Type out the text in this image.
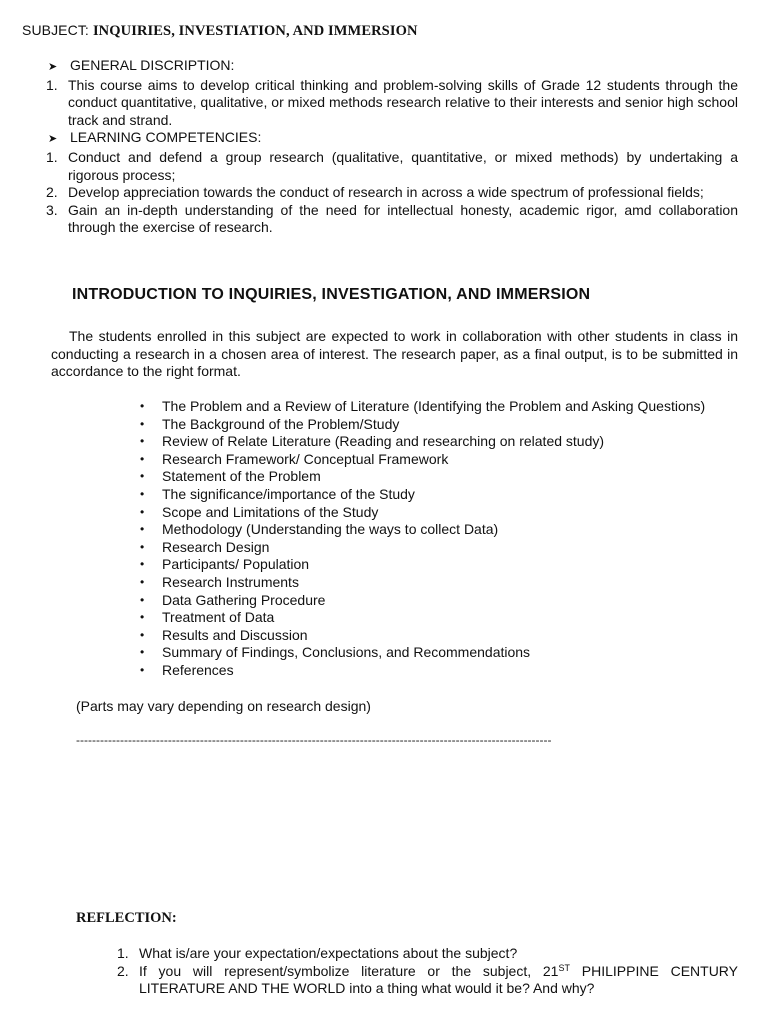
SUBJECT: INQUIRIES, INVESTIATION, AND IMMERSION
➤ GENERAL DISCRIPTION:
1. This course aims to develop critical thinking and problem-solving skills of Grade 12 students through the conduct quantitative, qualitative, or mixed methods research relative to their interests and senior high school track and strand.
➤ LEARNING COMPETENCIES:
1. Conduct and defend a group research (qualitative, quantitative, or mixed methods) by undertaking a rigorous process;
2. Develop appreciation towards the conduct of research in across a wide spectrum of professional fields;
3. Gain an in-depth understanding of the need for intellectual honesty, academic rigor, amd collaboration through the exercise of research.
INTRODUCTION TO INQUIRIES, INVESTIGATION, AND IMMERSION
The students enrolled in this subject are expected to work in collaboration with other students in class in conducting a research in a chosen area of interest. The research paper, as a final output, is to be submitted in accordance to the right format.
•	The Problem and a Review of Literature (Identifying the Problem and Asking Questions)
•	The Background of the Problem/Study
•	Review of Relate Literature (Reading and researching on related study)
•	Research Framework/ Conceptual Framework
•	Statement of the Problem
•	The significance/importance of the Study
•	Scope and Limitations of the Study
•	Methodology (Understanding the ways to collect Data)
•	Research Design
•	Participants/ Population
•	Research Instruments
•	Data Gathering Procedure
•	Treatment of Data
•	Results and Discussion
•	Summary of Findings, Conclusions, and Recommendations
•	References
(Parts may vary depending on research design)
-----------------------------------------------------------------------------------------------------------------------
REFLECTION:
1. What is/are your expectation/expectations about the subject?
2. If you will represent/symbolize literature or the subject, 21ST PHILIPPINE CENTURY LITERATURE AND THE WORLD into a thing what would it be? And why?
